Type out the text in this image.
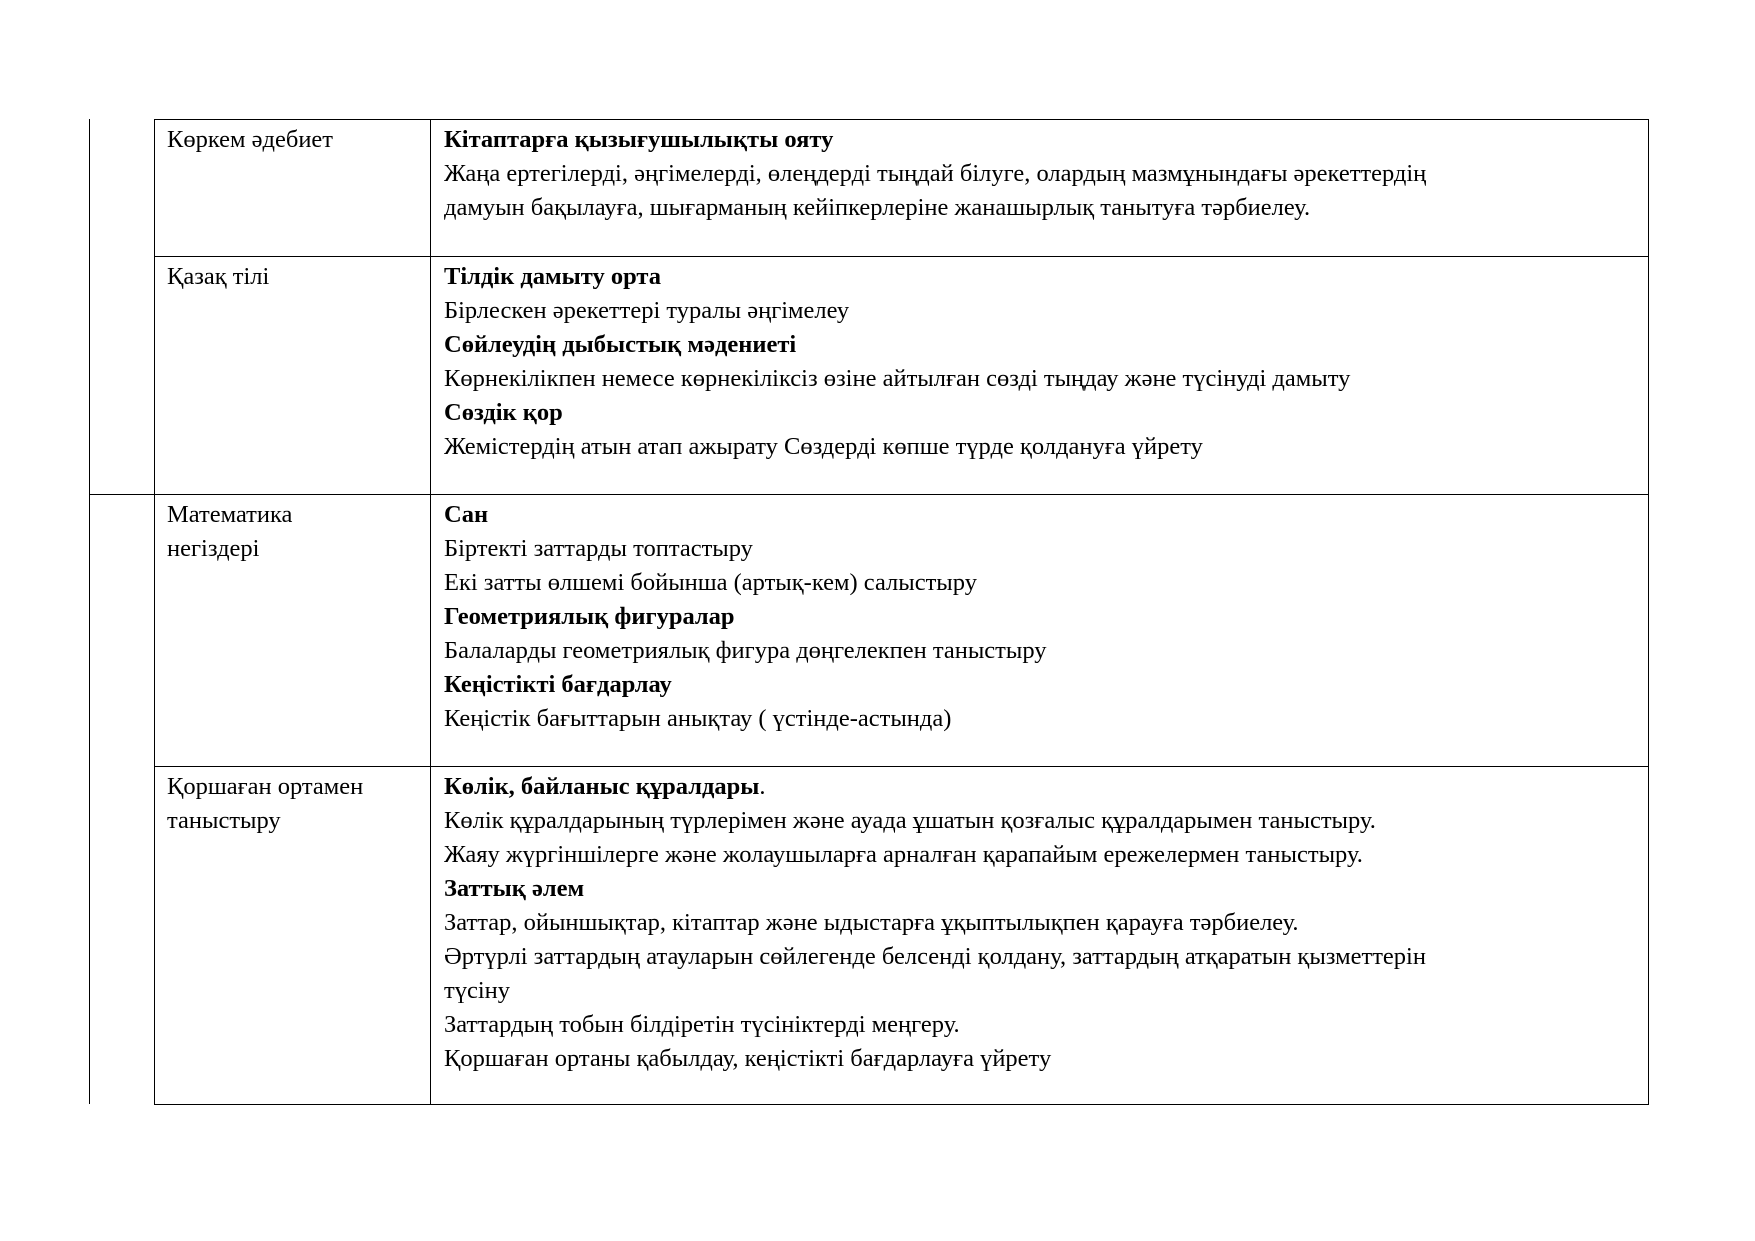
Көркем әдебиет	Кітаптарға қызығушылықты ояту
Жаңа ертегілерді, әңгімелерді, өлеңдерді тыңдай білуге, олардың мазмұнындағы әрекеттердің
дамуын бақылауға, шығарманың кейіпкерлеріне жанашырлық танытуға тәрбиелеу.
Қазақ тілі	Тілдік дамыту орта
Бірлескен әрекеттері туралы әңгімелеу
Сөйлеудің дыбыстық мәдениеті
Көрнекілікпен немесе көрнекіліксіз өзіне айтылған сөзді тыңдау және түсінуді дамыту
Сөздік қор
Жемістердің атын атап ажырату Сөздерді көпше түрде қолдануға үйрету
Математика
негіздері
Сан
Біртекті заттарды топтастыру
Екі затты өлшемі бойынша (артық-кем) салыстыру
Геометриялық фигуралар
Балаларды геометриялық фигура дөңгелекпен таныстыру
Кеңістікті бағдарлау
Кеңістік бағыттарын анықтау ( үстінде-астында)
Қоршаған ортамен
таныстыру
Көлік, байланыс құралдары.
Көлік құралдарының түрлерімен және ауада ұшатын қозғалыс құралдарымен таныстыру.
Жаяу жүргіншілерге және жолаушыларға арналған қарапайым ережелермен таныстыру.
Заттық әлем
Заттар, ойыншықтар, кітаптар және ыдыстарға ұқыптылықпен қарауға тәрбиелеу.
Әртүрлі заттардың атауларын сөйлегенде белсенді қолдану, заттардың атқаратын қызметтерін
түсіну
Заттардың тобын білдіретін түсініктерді меңгеру.
Қоршаған ортаны қабылдау, кеңістікті бағдарлауға үйрету
